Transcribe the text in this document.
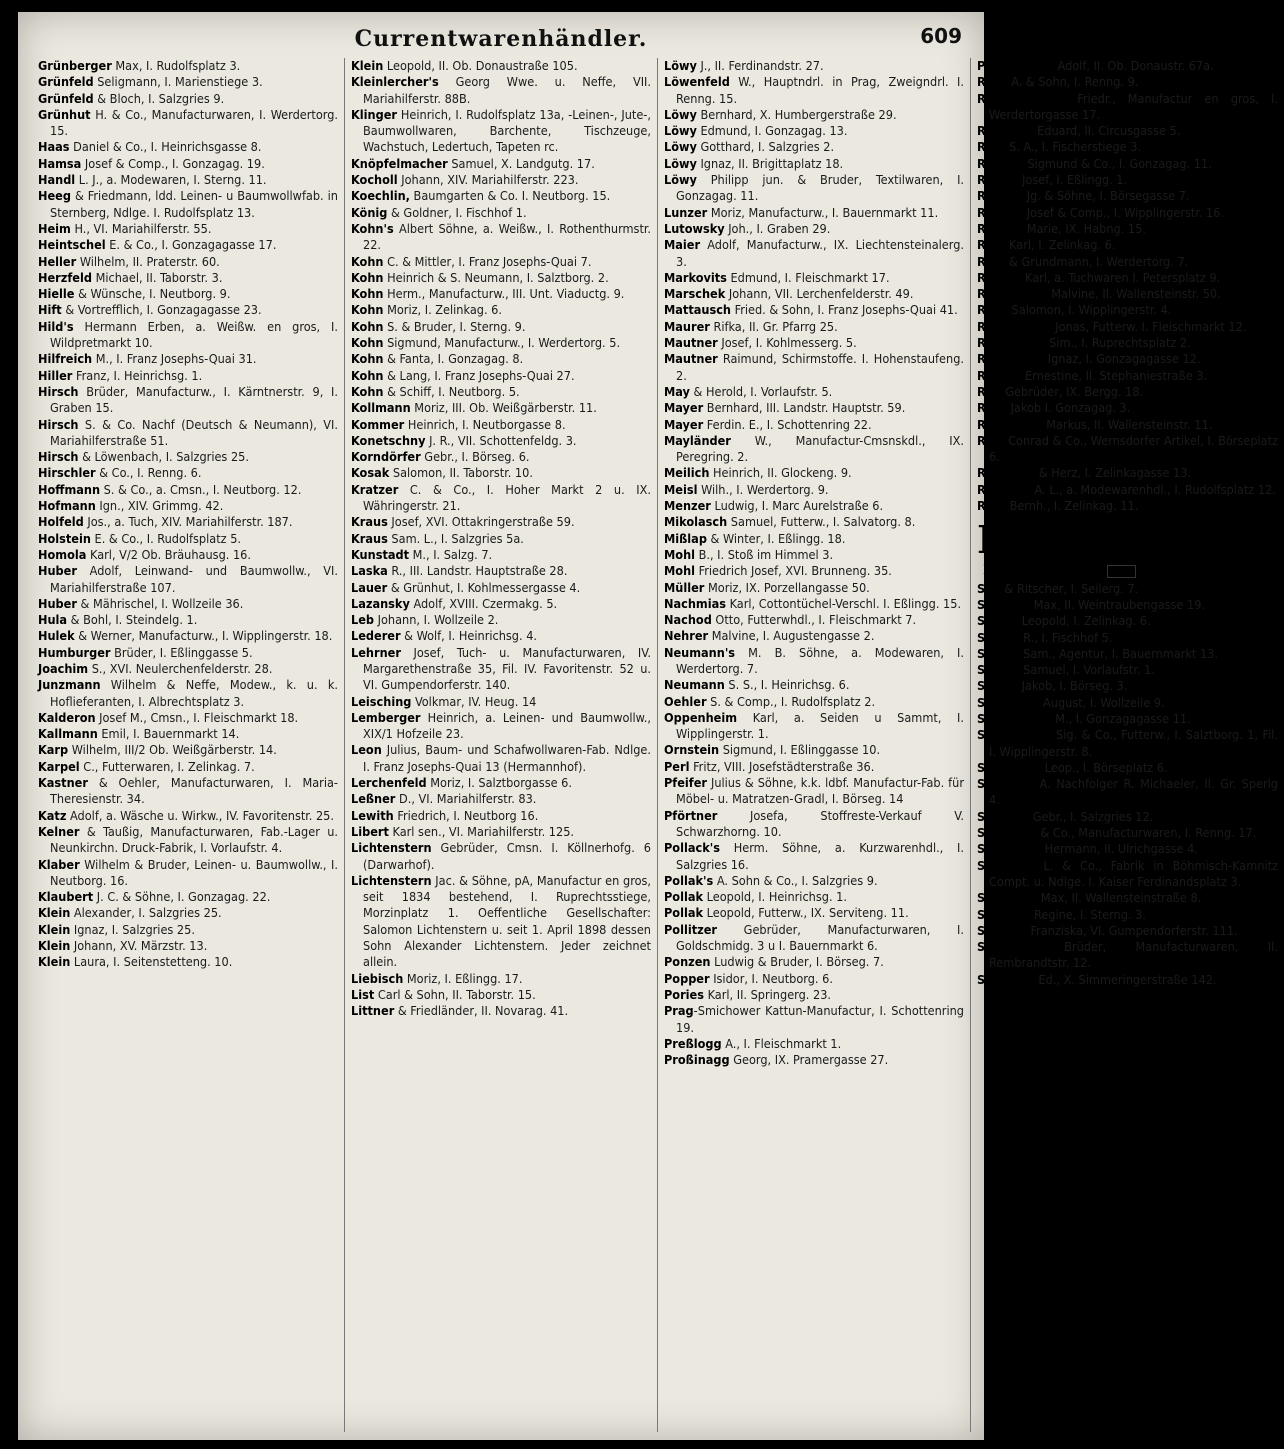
Currentwarenhändler.	609
Grünberger Max, I. Rudolfsplatz 3.
Grünfeld Seligmann, I. Marienstiege 3.
Grünfeld & Bloch, I. Salzgries 9.
Grünhut H. & Co., Manufacturwaren, I. Werdertorg. 15.
Haas Daniel & Co., I. Heinrichsgasse 8.
Hamsa Josef & Comp., I. Gonzagag. 19.
Handl L. J., a. Modewaren, I. Sterng. 11.
Heeg & Friedmann, ldd. Leinen- u Baumwollwfab. in Sternberg, Ndlge. I. Rudolfsplatz 13.
Heim H., VI. Mariahilferstr. 55.
Heintschel E. & Co., I. Gonzagagasse 17.
Heller Wilhelm, II. Praterstr. 60.
Herzfeld Michael, II. Taborstr. 3.
Hielle & Wünsche, I. Neutborg. 9.
Hift & Vortrefflich, I. Gonzagagasse 23.
Hild's Hermann Erben, a. Weißw. en gros, I. Wildpretmarkt 10.
Hilfreich M., I. Franz Josephs-Quai 31.
Hiller Franz, I. Heinrichsg. 1.
Hirsch Brüder, Manufacturw., I. Kärntnerstr. 9, I. Graben 15.
Hirsch S. & Co. Nachf (Deutsch & Neumann), VI. Mariahilferstraße 51.
Hirsch & Löwenbach, I. Salzgries 25.
Hirschler & Co., I. Renng. 6.
Hoffmann S. & Co., a. Cmsn., I. Neutborg. 12.
Hofmann Ign., XIV. Grimmg. 42.
Holfeld Jos., a. Tuch, XIV. Mariahilferstr. 187.
Holstein E. & Co., I. Rudolfsplatz 5.
Homola Karl, V/2 Ob. Bräuhausg. 16.
Huber Adolf, Leinwand- und Baumwollw., VI. Mariahilferstraße 107.
Huber & Mährischel, I. Wollzeile 36.
Hula & Bohl, I. Steindelg. 1.
Hulek & Werner, Manufacturw., I. Wipplingerstr. 18.
Humburger Brüder, I. Eßlinggasse 5.
Joachim S., XVI. Neulerchenfelderstr. 28.
Junzmann Wilhelm & Neffe, Modew., k. u. k. Hoflieferanten, I. Albrechtsplatz 3.
Kalderon Josef M., Cmsn., I. Fleischmarkt 18.
Kallmann Emil, I. Bauernmarkt 14.
Karp Wilhelm, III/2 Ob. Weißgärberstr. 14.
Karpel C., Futterwaren, I. Zelinkag. 7.
Kastner & Oehler, Manufacturwaren, I. Maria-Theresienstr. 34.
Katz Adolf, a. Wäsche u. Wirkw., IV. Favoritenstr. 25.
Kelner & Taußig, Manufacturwaren, Fab.-Lager u. Neunkirchn. Druck-Fabrik, I. Vorlaufstr. 4.
Klaber Wilhelm & Bruder, Leinen- u. Baumwollw., I. Neutborg. 16.
Klaubert J. C. & Söhne, I. Gonzagag. 22.
Klein Alexander, I. Salzgries 25.
Klein Ignaz, I. Salzgries 25.
Klein Johann, XV. Märzstr. 13.
Klein Laura, I. Seitenstetteng. 10.
Klein Leopold, II. Ob. Donaustraße 105.
Kleinlercher's Georg Wwe. u. Neffe, VII. Mariahilferstr. 88B.
Klinger Heinrich, I. Rudolfsplatz 13a, -Leinen-, Jute-, Baumwollwaren, Barchente, Tischzeuge, Wachstuch, Ledertuch, Tapeten rc.
Knöpfelmacher Samuel, X. Landgutg. 17.
Kocholl Johann, XIV. Mariahilferstr. 223.
Koechlin, Baumgarten & Co. I. Neutborg. 15.
König & Goldner, I. Fischhof 1.
Kohn's Albert Söhne, a. Weißw., I. Rothenthurmstr. 22.
Kohn C. & Mittler, I. Franz Josephs-Quai 7.
Kohn Heinrich & S. Neumann, I. Salztborg. 2.
Kohn Herm., Manufacturw., III. Unt. Viaductg. 9.
Kohn Moriz, I. Zelinkag. 6.
Kohn S. & Bruder, I. Sterng. 9.
Kohn Sigmund, Manufacturw., I. Werdertorg. 5.
Kohn & Fanta, I. Gonzagag. 8.
Kohn & Lang, I. Franz Josephs-Quai 27.
Kohn & Schiff, I. Neutborg. 5.
Kollmann Moriz, III. Ob. Weißgärberstr. 11.
Kommer Heinrich, I. Neutborgasse 8.
Konetschny J. R., VII. Schottenfeldg. 3.
Korndörfer Gebr., I. Börseg. 6.
Kosak Salomon, II. Taborstr. 10.
Kratzer C. & Co., I. Hoher Markt 2 u. IX. Währingerstr. 21.
Kraus Josef, XVI. Ottakringerstraße 59.
Kraus Sam. L., I. Salzgries 5a.
Kunstadt M., I. Salzg. 7.
Laska R., III. Landstr. Hauptstraße 28.
Lauer & Grünhut, I. Kohlmessergasse 4.
Lazansky Adolf, XVIII. Czermakg. 5.
Leb Johann, I. Wollzeile 2.
Lederer & Wolf, I. Heinrichsg. 4.
Lehrner Josef, Tuch- u. Manufacturwaren, IV. Margarethenstraße 35, Fil. IV. Favoritenstr. 52 u. VI. Gumpendorferstr. 140.
Leisching Volkmar, IV. Heug. 14
Lemberger Heinrich, a. Leinen- und Baumwollw., XIX/1 Hofzeile 23.
Leon Julius, Baum- und Schafwollwaren-Fab. Ndlge. I. Franz Josephs-Quai 13 (Hermannhof).
Lerchenfeld Moriz, I. Salztborgasse 6.
Leßner D., VI. Mariahilferstr. 83.
Lewith Friedrich, I. Neutborg 16.
Libert Karl sen., VI. Mariahilferstr. 125.
Lichtenstern Gebrüder, Cmsn. I. Köllnerhofg. 6 (Darwarhof).
Lichtenstern Jac. & Söhne, pA, Manufactur en gros, seit 1834 bestehend, I. Ruprechtsstiege, Morzinplatz 1. Oeffentliche Gesellschafter: Salomon Lichtenstern u. seit 1. April 1898 dessen Sohn Alexander Lichtenstern. Jeder zeichnet allein.
Liebisch Moriz, I. Eßlingg. 17.
List Carl & Sohn, II. Taborstr. 15.
Littner & Friedländer, II. Novarag. 41.
Löwy J., II. Ferdinandstr. 27.
Löwenfeld W., Hauptndrl. in Prag, Zweigndrl. I. Renng. 15.
Löwy Bernhard, X. Humbergerstraße 29.
Löwy Edmund, I. Gonzagag. 13.
Löwy Gotthard, I. Salzgries 2.
Löwy Ignaz, II. Brigittaplatz 18.
Löwy Philipp jun. & Bruder, Textilwaren, I. Gonzagag. 11.
Lunzer Moriz, Manufacturw., I. Bauernmarkt 11.
Lutowsky Joh., I. Graben 29.
Maier Adolf, Manufacturw., IX. Liechtensteinalerg. 3.
Markovits Edmund, I. Fleischmarkt 17.
Marschek Johann, VII. Lerchenfelderstr. 49.
Mattausch Fried. & Sohn, I. Franz Josephs-Quai 41.
Maurer Rifka, II. Gr. Pfarrg 25.
Mautner Josef, I. Kohlmesserg. 5.
Mautner Raimund, Schirmstoffe. I. Hohenstaufeng. 2.
May & Herold, I. Vorlaufstr. 5.
Mayer Bernhard, III. Landstr. Hauptstr. 59.
Mayer Ferdin. E., I. Schottenring 22.
Mayländer W., Manufactur-Cmsnskdl., IX. Peregring. 2.
Meilich Heinrich, II. Glockeng. 9.
Meisl Wilh., I. Werdertorg. 9.
Menzer Ludwig, I. Marc Aurelstraße 6.
Mikolasch Samuel, Futterw., I. Salvatorg. 8.
Mißlap & Winter, I. Eßlingg. 18.
Mohl B., I. Stoß im Himmel 3.
Mohl Friedrich Josef, XVI. Brunneng. 35.
Müller Moriz, IX. Porzellangasse 50.
Nachmias Karl, Cottontüchel-Verschl. I. Eßlingg. 15.
Nachod Otto, Futterwhdl., I. Fleischmarkt 7.
Nehrer Malvine, I. Augustengasse 2.
Neumann's M. B. Söhne, a. Modewaren, I. Werdertorg. 7.
Neumann S. S., I. Heinrichsg. 6.
Oehler S. & Comp., I. Rudolfsplatz 2.
Oppenheim Karl, a. Seiden u Sammt, I. Wipplingerstr. 1.
Ornstein Sigmund, I. Eßlinggasse 10.
Perl Fritz, VIII. Josefstädterstraße 36.
Pfeifer Julius & Söhne, k.k. ldbf. Manufactur-Fab. für Möbel- u. Matratzen-Gradl, I. Börseg. 14
Pförtner Josefa, Stoffreste-Verkauf V. Schwarzhorng. 10.
Pollack's Herm. Söhne, a. Kurzwarenhdl., I. Salzgries 16.
Pollak's A. Sohn & Co., I. Salzgries 9.
Pollak Leopold, I. Heinrichsg. 1.
Pollak Leopold, Futterw., IX. Serviteng. 11.
Pollitzer Gebrüder, Manufacturwaren, I. Goldschmidg. 3 u I. Bauernmarkt 6.
Ponzen Ludwig & Bruder, I. Börseg. 7.
Popper Isidor, I. Neutborg. 6.
Pories Karl, II. Springerg. 23.
Prag-Smichower Kattun-Manufactur, I. Schottenring 19.
Preßlogg A., I. Fleischmarkt 1.
Proßinagg Georg, IX. Pramergasse 27.
Pscherhofer Adolf, II. Ob. Donaustr. 67a.
Raaz A. & Sohn, I. Renng. 9.
Ratzersdorfer Friedr., Manufactur en gros, I. Werdertorgasse 17.
Raudnitz Eduard, II. Circusgasse 5.
Reiß S. A., I. Fischerstiege 3.
Reitzes Sigmund & Co., I. Gonzagag. 11.
Ressel Josef, I. Eßlingg. 1.
Richter Jg. & Söhne, I. Börsegasse 7.
Richter Josef & Comp., I. Wipplingerstr. 16.
Richter Marie, IX. Habng. 15.
Rieß Karl, I. Zelinkag. 6.
Rieß & Grundmann, I. Werdertorg. 7.
Rimser Karl, a. Tuchwaren I. Petersplatz 9.
Robitschek Malvine, II. Wallensteinstr. 50.
Rose Salomon, I. Wipplingerstr. 4.
Rosenbaum Jonas, Futterw. I. Fleischmarkt 12.
Rosenberg Sim., I. Ruprechtsplatz 2.
Rosenblüh Ignaz, I. Gonzagagasse 12.
Rostau Ernestine, II. Stephaniestraße 3.
Roß Gebrüder, IX. Bergg. 18.
Roth Jakob I. Gonzagag. 3.
Rothmann Markus, II. Wallensteinstr. 11.
Rott Conrad & Co., Wernsdorfer Artikel, I. Börseplatz 6.
Rudinger & Herz, I. Zelinkagasse 13.
Rumpler A. L., a. Modewarenhdl., I. Rudolfsplatz 12.
Rust Bernh., I. Zelinkag. 11.
Rutz R. A.,
I. Schottenring 14. Tlgr.
Saß & Ritscher, I. Seilerg. 7.
Schaffer Max, II. Weintraubengasse 19.
Scharf Leopold, I. Zelinkag. 6.
Schein R., I. Fischhof 5.
Schein Sam., Agentur, I. Bauernmarkt 13.
Schein Samuel, I. Vorlaufstr. 1.
Schick Jakob, I. Börseg. 3.
Schimann August, I. Wollzeile 9.
Schlesinger M., I. Gonzagagasse 11.
Schlesinger Sig. & Co., Futterw., I. Salztborg. 1, Fil. I. Wipplingerstr. 8.
Schlichter Leop., I. Börseplatz 6.
Schmid's A. Nachfolger R. Michaeler, II. Gr. Sperlg 4.
Schmidt Gebr., I. Salzgries 12.
Schmiedt & Co., Manufacturwaren, I. Renng. 17.
Schneider Hermann, II. Ulrichgasse 4.
Schrader L. & Co., Fabrik in Böhmisch-Kamnitz Compt. u. Ndlge. I. Kaiser Ferdinandsplatz 3.
Schratter Max, II. Wallensteinstraße 8.
Schreier Regine, I. Sterng. 3.
Schrodt Franziska, VI. Gumpendorferstr. 111.
Schubert Brüder, Manufacturwaren, II. Rembrandtstr. 12.
Schubert Ed., X. Simmeringerstraße 142.
